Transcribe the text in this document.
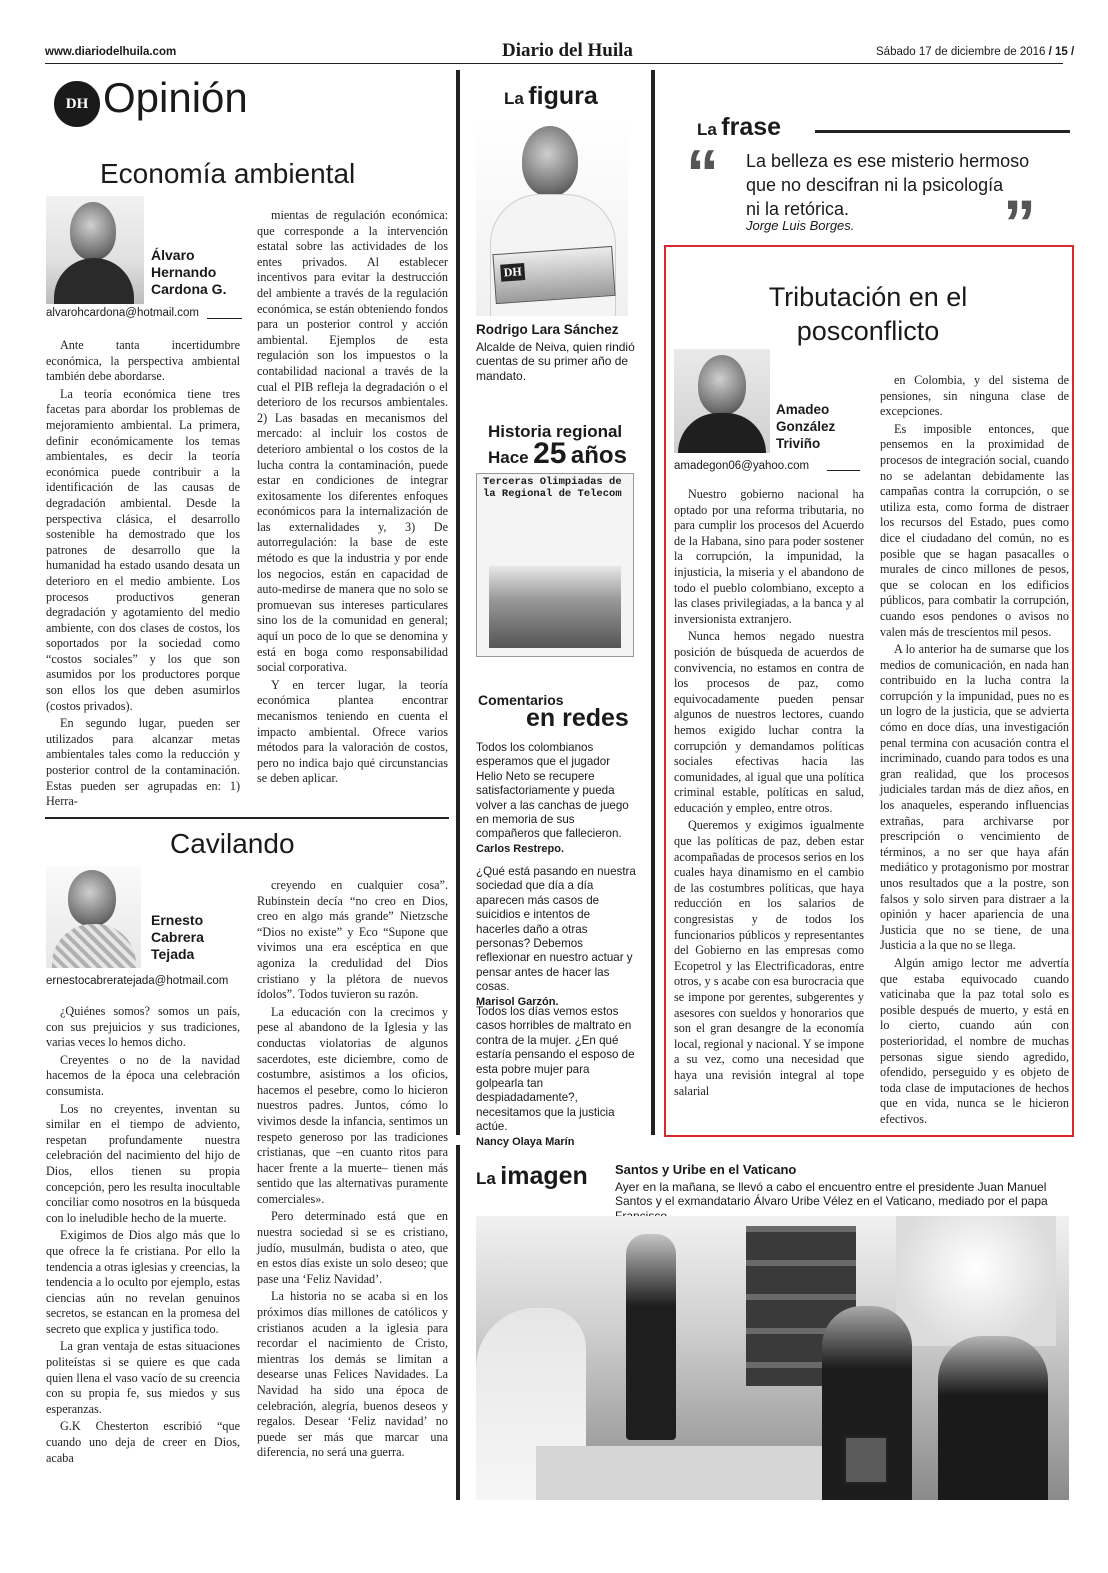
www.diariodelhuila.com	Diario del Huila	Sábado 17 de diciembre de 2016 / 15 /
DH Opinión
Economía ambiental
Álvaro Hernando Cardona G.
alvarohcardona@hotmail.com

Ante tanta incertidumbre económica, la perspectiva ambiental también debe abordarse.

La teoría económica tiene tres facetas para abordar los problemas de mejoramiento ambiental. La primera, definir económicamente los temas ambientales, es decir la teoría económica puede contribuir a la identificación de las causas de degradación ambiental. Desde la perspectiva clásica, el desarrollo sostenible ha demostrado que los patrones de desarrollo que la humanidad ha estado usando desata un deterioro en el medio ambiente. Los procesos productivos generan degradación y agotamiento del medio ambiente, con dos clases de costos, los soportados por la sociedad como “costos sociales” y los que son asumidos por los productores porque son ellos los que deben asumirlos (costos privados).

En segundo lugar, pueden ser utilizados para alcanzar metas ambientales tales como la reducción y posterior control de la contaminación. Estas pueden ser agrupadas en: 1) Herra-

mientas de regulación económica: que corresponde a la intervención estatal sobre las actividades de los entes privados. Al establecer incentivos para evitar la destrucción del ambiente a través de la regulación económica, se están obteniendo fondos para un posterior control y acción ambiental. Ejemplos de esta regulación son los impuestos o la contabilidad nacional a través de la cual el PIB refleja la degradación o el deterioro de los recursos ambientales. 2) Las basadas en mecanismos del mercado: al incluir los costos de deterioro ambiental o los costos de la lucha contra la contaminación, puede estar en condiciones de integrar exitosamente los diferentes enfoques económicos para la internalización de las externalidades y, 3) De autorregulación: la base de este método es que la industria y por ende los negocios, están en capacidad de auto-medirse de manera que no solo se promuevan sus intereses particulares sino los de la comunidad en general; aquí un poco de lo que se denomina y está en boga como responsabilidad social corporativa.

Y en tercer lugar, la teoría económica plantea encontrar mecanismos teniendo en cuenta el impacto ambiental. Ofrece varios métodos para la valoración de costos, pero no indica bajo qué circunstancias se deben aplicar.

Cavilando
Ernesto Cabrera Tejada
ernestocabreratejada@hotmail.com

¿Quiénes somos? somos un país, con sus prejuicios y sus tradiciones, varias veces lo hemos dicho.

Creyentes o no de la navidad hacemos de la época una celebración consumista.

Los no creyentes, inventan su similar en el tiempo de adviento, respetan profundamente nuestra celebración del nacimiento del hijo de Dios, ellos tienen su propia concepción, pero les resulta inocultable conciliar como nosotros en la búsqueda con lo ineludible hecho de la muerte.

Exigimos de Dios algo más que lo que ofrece la fe cristiana. Por ello la tendencia a otras iglesias y creencias, la tendencia a lo oculto por ejemplo, estas ciencias aún no revelan genuinos secretos, se estancan en la promesa del secreto que explica y justifica todo.

La gran ventaja de estas situaciones politeístas si se quiere es que cada quien llena el vaso vacío de su creencia con su propia fe, sus miedos y sus esperanzas.

G.K Chesterton escribió “que cuando uno deja de creer en Dios, acaba

creyendo en cualquier cosa”. Rubinstein decía “no creo en Dios, creo en algo más grande” Nietzsche “Dios no existe” y Eco “Supone que vivimos una era escéptica en que agoniza la credulidad del Dios cristiano y la plétora de nuevos ídolos”. Todos tuvieron su razón.

La educación con la crecimos y pese al abandono de la Iglesia y las conductas violatorias de algunos sacerdotes, este diciembre, como de costumbre, asistimos a los oficios, hacemos el pesebre, como lo hicieron nuestros padres. Juntos, cómo lo vivimos desde la infancia, sentimos un respeto generoso por las tradiciones cristianas, que –en cuanto ritos para hacer frente a la muerte– tienen más sentido que las alternativas puramente comerciales».

Pero determinado está que en nuestra sociedad si se es cristiano, judío, musulmán, budista o ateo, que en estos días existe un solo deseo; que pase una ‘Feliz Navidad’.

La historia no se acaba si en los próximos días millones de católicos y cristianos acuden a la iglesia para recordar el nacimiento de Cristo, mientras los demás se limitan a desearse unas Felices Navidades. La Navidad ha sido una época de celebración, alegría, buenos deseos y regalos. Desear ‘Feliz navidad’ no puede ser más que marcar una diferencia, no será una guerra.

La figura
DH
Rodrigo Lara Sánchez
Alcalde de Neiva, quien rindió cuentas de su primer año de mandato.
Historia regional
Hace 25 años
Terceras Olimpiadas de la Regional de Telecom
Comentarios
en redes
Todos los colombianos esperamos que el jugador Helio Neto se recupere satisfactoriamente y pueda volver a las canchas de juego en memoria de sus compañeros que fallecieron.
Carlos Restrepo.
¿Qué está pasando en nuestra sociedad que día a día aparecen más casos de suicidios e intentos de hacerles daño a otras personas? Debemos reflexionar en nuestro actuar y pensar antes de hacer las cosas.
Marisol Garzón.
Todos los días vemos estos casos horribles de maltrato en contra de la mujer. ¿En qué estaría pensando el esposo de esta pobre mujer para golpearla tan despiadadamente?, necesitamos que la justicia actúe.
Nancy Olaya Marín
La frase
“ La belleza es ese misterio hermoso
que no descifran ni la psicología
ni la retórica.
Jorge Luis Borges. ”
Tributación en el
posconflicto
Amadeo González Triviño
amadegon06@yahoo.com

Nuestro gobierno nacional ha optado por una reforma tributaria, no para cumplir los procesos del Acuerdo de la Habana, sino para poder sostener la corrupción, la impunidad, la injusticia, la miseria y el abandono de todo el pueblo colombiano, excepto a las clases privilegiadas, a la banca y al inversionista extranjero.

Nunca hemos negado nuestra posición de búsqueda de acuerdos de convivencia, no estamos en contra de los procesos de paz, como equivocadamente pueden pensar algunos de nuestros lectores, cuando hemos exigido luchar contra la corrupción y demandamos políticas sociales efectivas hacia las comunidades, al igual que una política criminal estable, políticas en salud, educación y empleo, entre otros.

Queremos y exigimos igualmente que las políticas de paz, deben estar acompañadas de procesos serios en los cuales haya dinamismo en el cambio de las costumbres políticas, que haya reducción en los salarios de congresistas y de todos los funcionarios públicos y representantes del Gobierno en las empresas como Ecopetrol y las Electrificadoras, entre otros, y s acabe con esa burocracia que se impone por gerentes, subgerentes y asesores con sueldos y honorarios que son el gran desangre de la economía local, regional y nacional. Y se impone a su vez, como una necesidad que haya una revisión integral al tope salarial

en Colombia, y del sistema de pensiones, sin ninguna clase de excepciones.

Es imposible entonces, que pensemos en la proximidad de procesos de integración social, cuando no se adelantan debidamente las campañas contra la corrupción, o se utiliza esta, como forma de distraer los recursos del Estado, pues como dice el ciudadano del común, no es posible que se hagan pasacalles o murales de cinco millones de pesos, que se colocan en los edificios públicos, para combatir la corrupción, cuando esos pendones o avisos no valen más de trescientos mil pesos.

A lo anterior ha de sumarse que los medios de comunicación, en nada han contribuido en la lucha contra la corrupción y la impunidad, pues no es un logro de la justicia, que se advierta cómo en doce días, una investigación penal termina con acusación contra el incriminado, cuando para todos es una gran realidad, que los procesos judiciales tardan más de diez años, en los anaqueles, esperando influencias extrañas, para archivarse por prescripción o vencimiento de términos, a no ser que haya afán mediático y protagonismo por mostrar unos resultados que a la postre, son falsos y solo sirven para distraer a la opinión y hacer apariencia de una Justicia que no se tiene, de una Justicia a la que no se llega.

Algún amigo lector me advertía que estaba equivocado cuando vaticinaba que la paz total solo es posible después de muerto, y está en lo cierto, cuando aún con posterioridad, el nombre de muchas personas sigue siendo agredido, ofendido, perseguido y es objeto de toda clase de imputaciones de hechos que en vida, nunca se le hicieron efectivos.

La imagen Santos y Uribe en el Vaticano
Ayer en la mañana, se llevó a cabo el encuentro entre el presidente Juan Manuel Santos y el exmandatario Álvaro Uribe Vélez en el Vaticano, mediado por el papa
